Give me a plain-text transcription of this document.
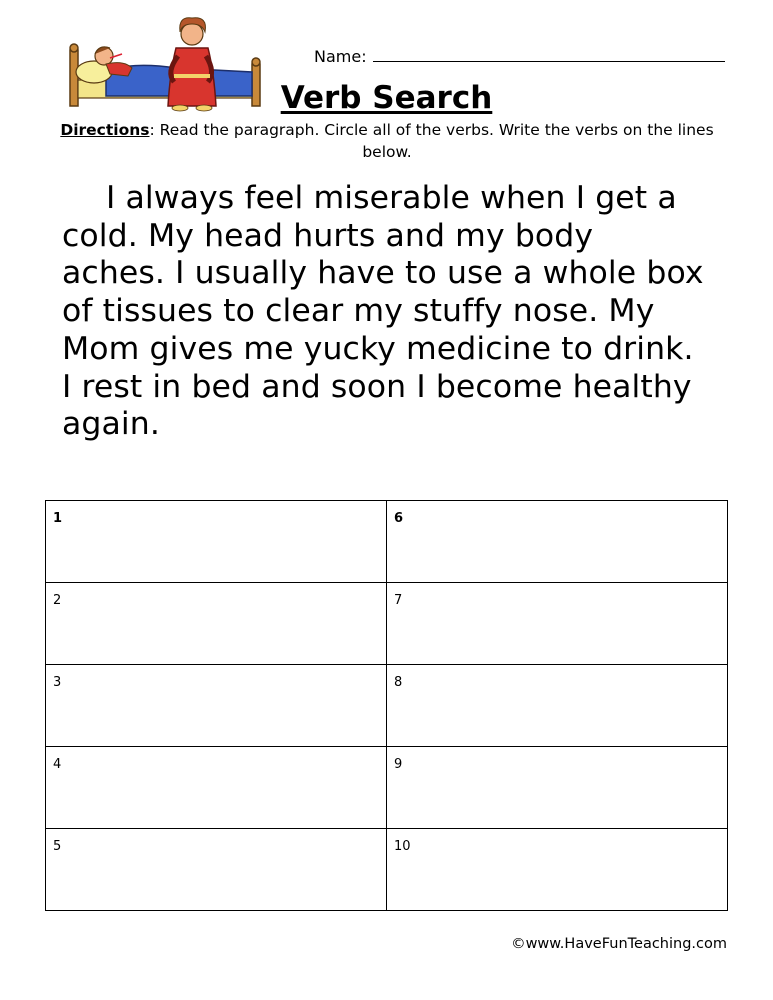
Name:
Verb Search
Directions: Read the paragraph. Circle all of the verbs. Write the verbs on the lines below.
I always feel miserable when I get a
cold. My head hurts and my body
aches. I usually have to use a whole box
of tissues to clear my stuffy nose. My
Mom gives me yucky medicine to drink.
I rest in bed and soon I become healthy
again.
1	6
2	7
3	8
4	9
5	10
©www.HaveFunTeaching.com
